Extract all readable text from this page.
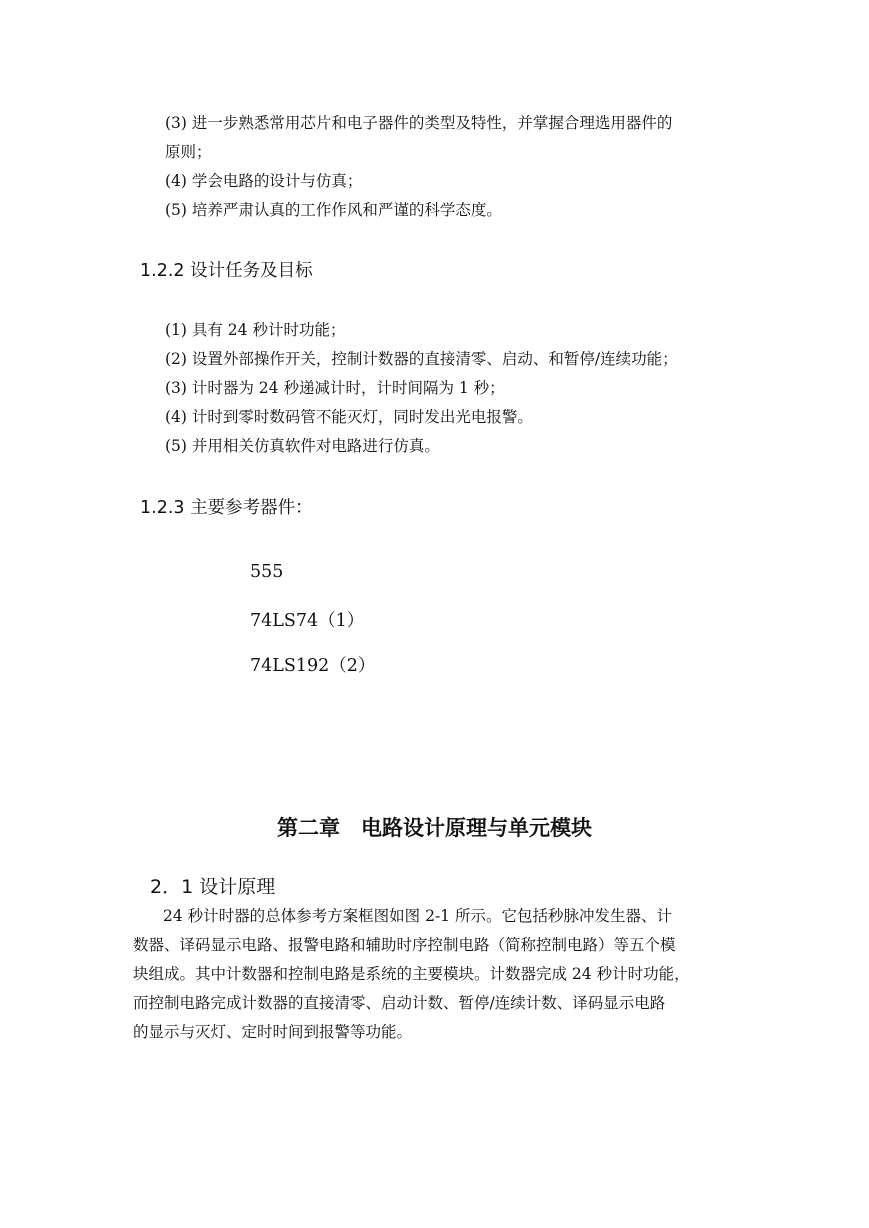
(3) 进一步熟悉常用芯片和电子器件的类型及特性，并掌握合理选用器件的
原则；
(4) 学会电路的设计与仿真；
(5) 培养严肃认真的工作作风和严谨的科学态度。
1.2.2 设计任务及目标
(1) 具有 24 秒计时功能；
(2) 设置外部操作开关，控制计数器的直接清零、启动、和暂停/连续功能；
(3) 计时器为 24 秒递减计时，计时间隔为 1 秒；
(4) 计时到零时数码管不能灭灯，同时发出光电报警。
(5) 并用相关仿真软件对电路进行仿真。
1.2.3 主要参考器件：
555
74LS74（1）
74LS192（2）
第二章　电路设计原理与单元模块
2．1 设计原理
24 秒计时器的总体参考方案框图如图 2-1 所示。它包括秒脉冲发生器、计
数器、译码显示电路、报警电路和辅助时序控制电路（简称控制电路）等五个模
块组成。其中计数器和控制电路是系统的主要模块。计数器完成 24 秒计时功能，
而控制电路完成计数器的直接清零、启动计数、暂停/连续计数、译码显示电路
的显示与灭灯、定时时间到报警等功能。
